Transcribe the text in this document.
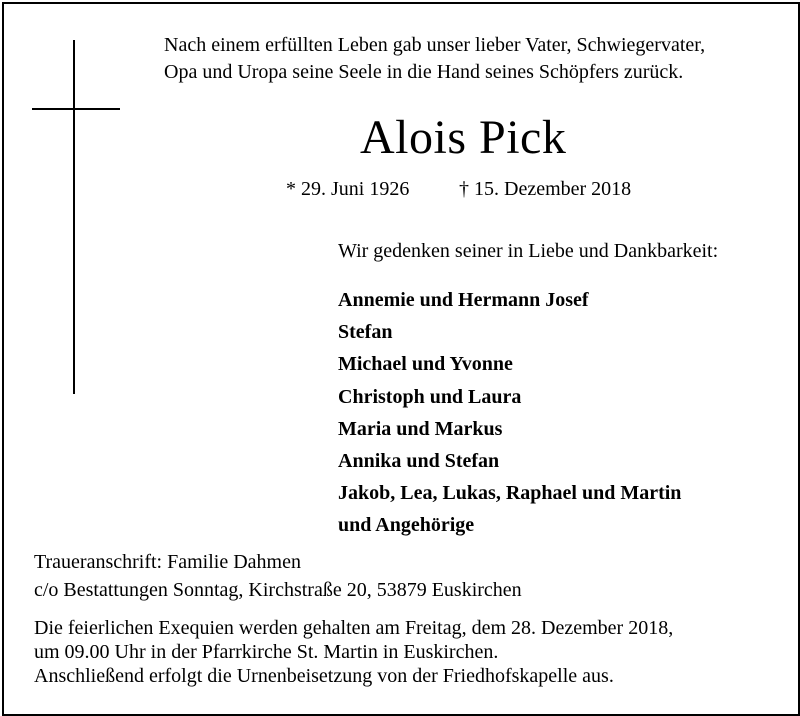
Nach einem erfüllten Leben gab unser lieber Vater, Schwiegervater,
Opa und Uropa seine Seele in die Hand seines Schöpfers zurück.
Alois Pick
* 29. Juni 1926 † 15. Dezember 2018
Wir gedenken seiner in Liebe und Dankbarkeit:
Annemie und Hermann Josef
Stefan
Michael und Yvonne
Christoph und Laura
Maria und Markus
Annika und Stefan
Jakob, Lea, Lukas, Raphael und Martin
und Angehörige
Traueranschrift: Familie Dahmen
c/o Bestattungen Sonntag, Kirchstraße 20, 53879 Euskirchen
Die feierlichen Exequien werden gehalten am Freitag, dem 28. Dezember 2018,
um 09.00 Uhr in der Pfarrkirche St. Martin in Euskirchen.
Anschließend erfolgt die Urnenbeisetzung von der Friedhofskapelle aus.
